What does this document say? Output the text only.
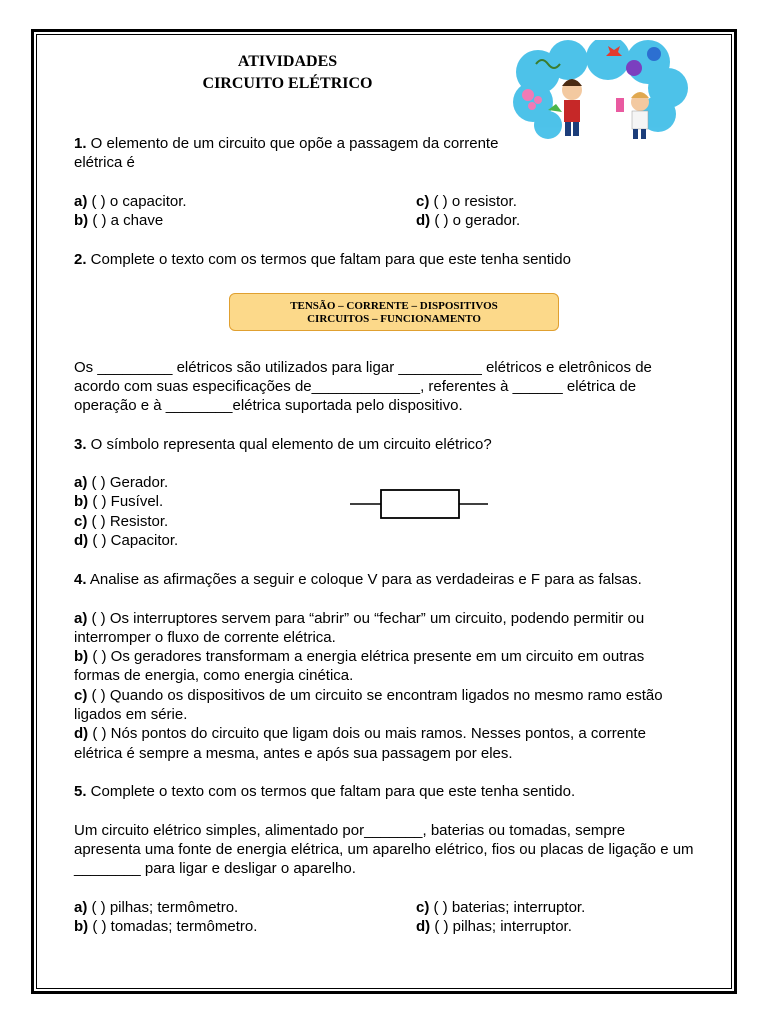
ATIVIDADES
CIRCUITO ELÉTRICO
1. O elemento de um circuito que opõe a passagem da corrente
elétrica é
a) ( ) o capacitor.
b) ( ) a chave
c) ( ) o resistor.
d) ( ) o gerador.
2. Complete o texto com os termos que faltam para que este tenha sentido
TENSÃO – CORRENTE – DISPOSITIVOS
CIRCUITOS – FUNCIONAMENTO
Os _________ elétricos são utilizados para ligar __________ elétricos e eletrônicos de
acordo com suas especificações de_____________, referentes à ______ elétrica de
operação e à ________elétrica suportada pelo dispositivo.
3. O símbolo representa qual elemento de um circuito elétrico?
a) ( ) Gerador.
b) ( ) Fusível.
c) ( ) Resistor.
d) ( ) Capacitor.
4. Analise as afirmações a seguir e coloque V para as verdadeiras e F para as falsas.
a) ( ) Os interruptores servem para “abrir” ou “fechar” um circuito, podendo permitir ou
interromper o fluxo de corrente elétrica.
b) ( ) Os geradores transformam a energia elétrica presente em um circuito em outras
formas de energia, como energia cinética.
c) ( ) Quando os dispositivos de um circuito se encontram ligados no mesmo ramo estão
ligados em série.
d) ( ) Nós pontos do circuito que ligam dois ou mais ramos. Nesses pontos, a corrente
elétrica é sempre a mesma, antes e após sua passagem por eles.
5. Complete o texto com os termos que faltam para que este tenha sentido.
Um circuito elétrico simples, alimentado por_______, baterias ou tomadas, sempre
apresenta uma fonte de energia elétrica, um aparelho elétrico, fios ou placas de ligação e um
________ para ligar e desligar o aparelho.
a) ( ) pilhas; termômetro.
b) ( ) tomadas; termômetro.
c) ( ) baterias; interruptor.
d) ( ) pilhas; interruptor.
